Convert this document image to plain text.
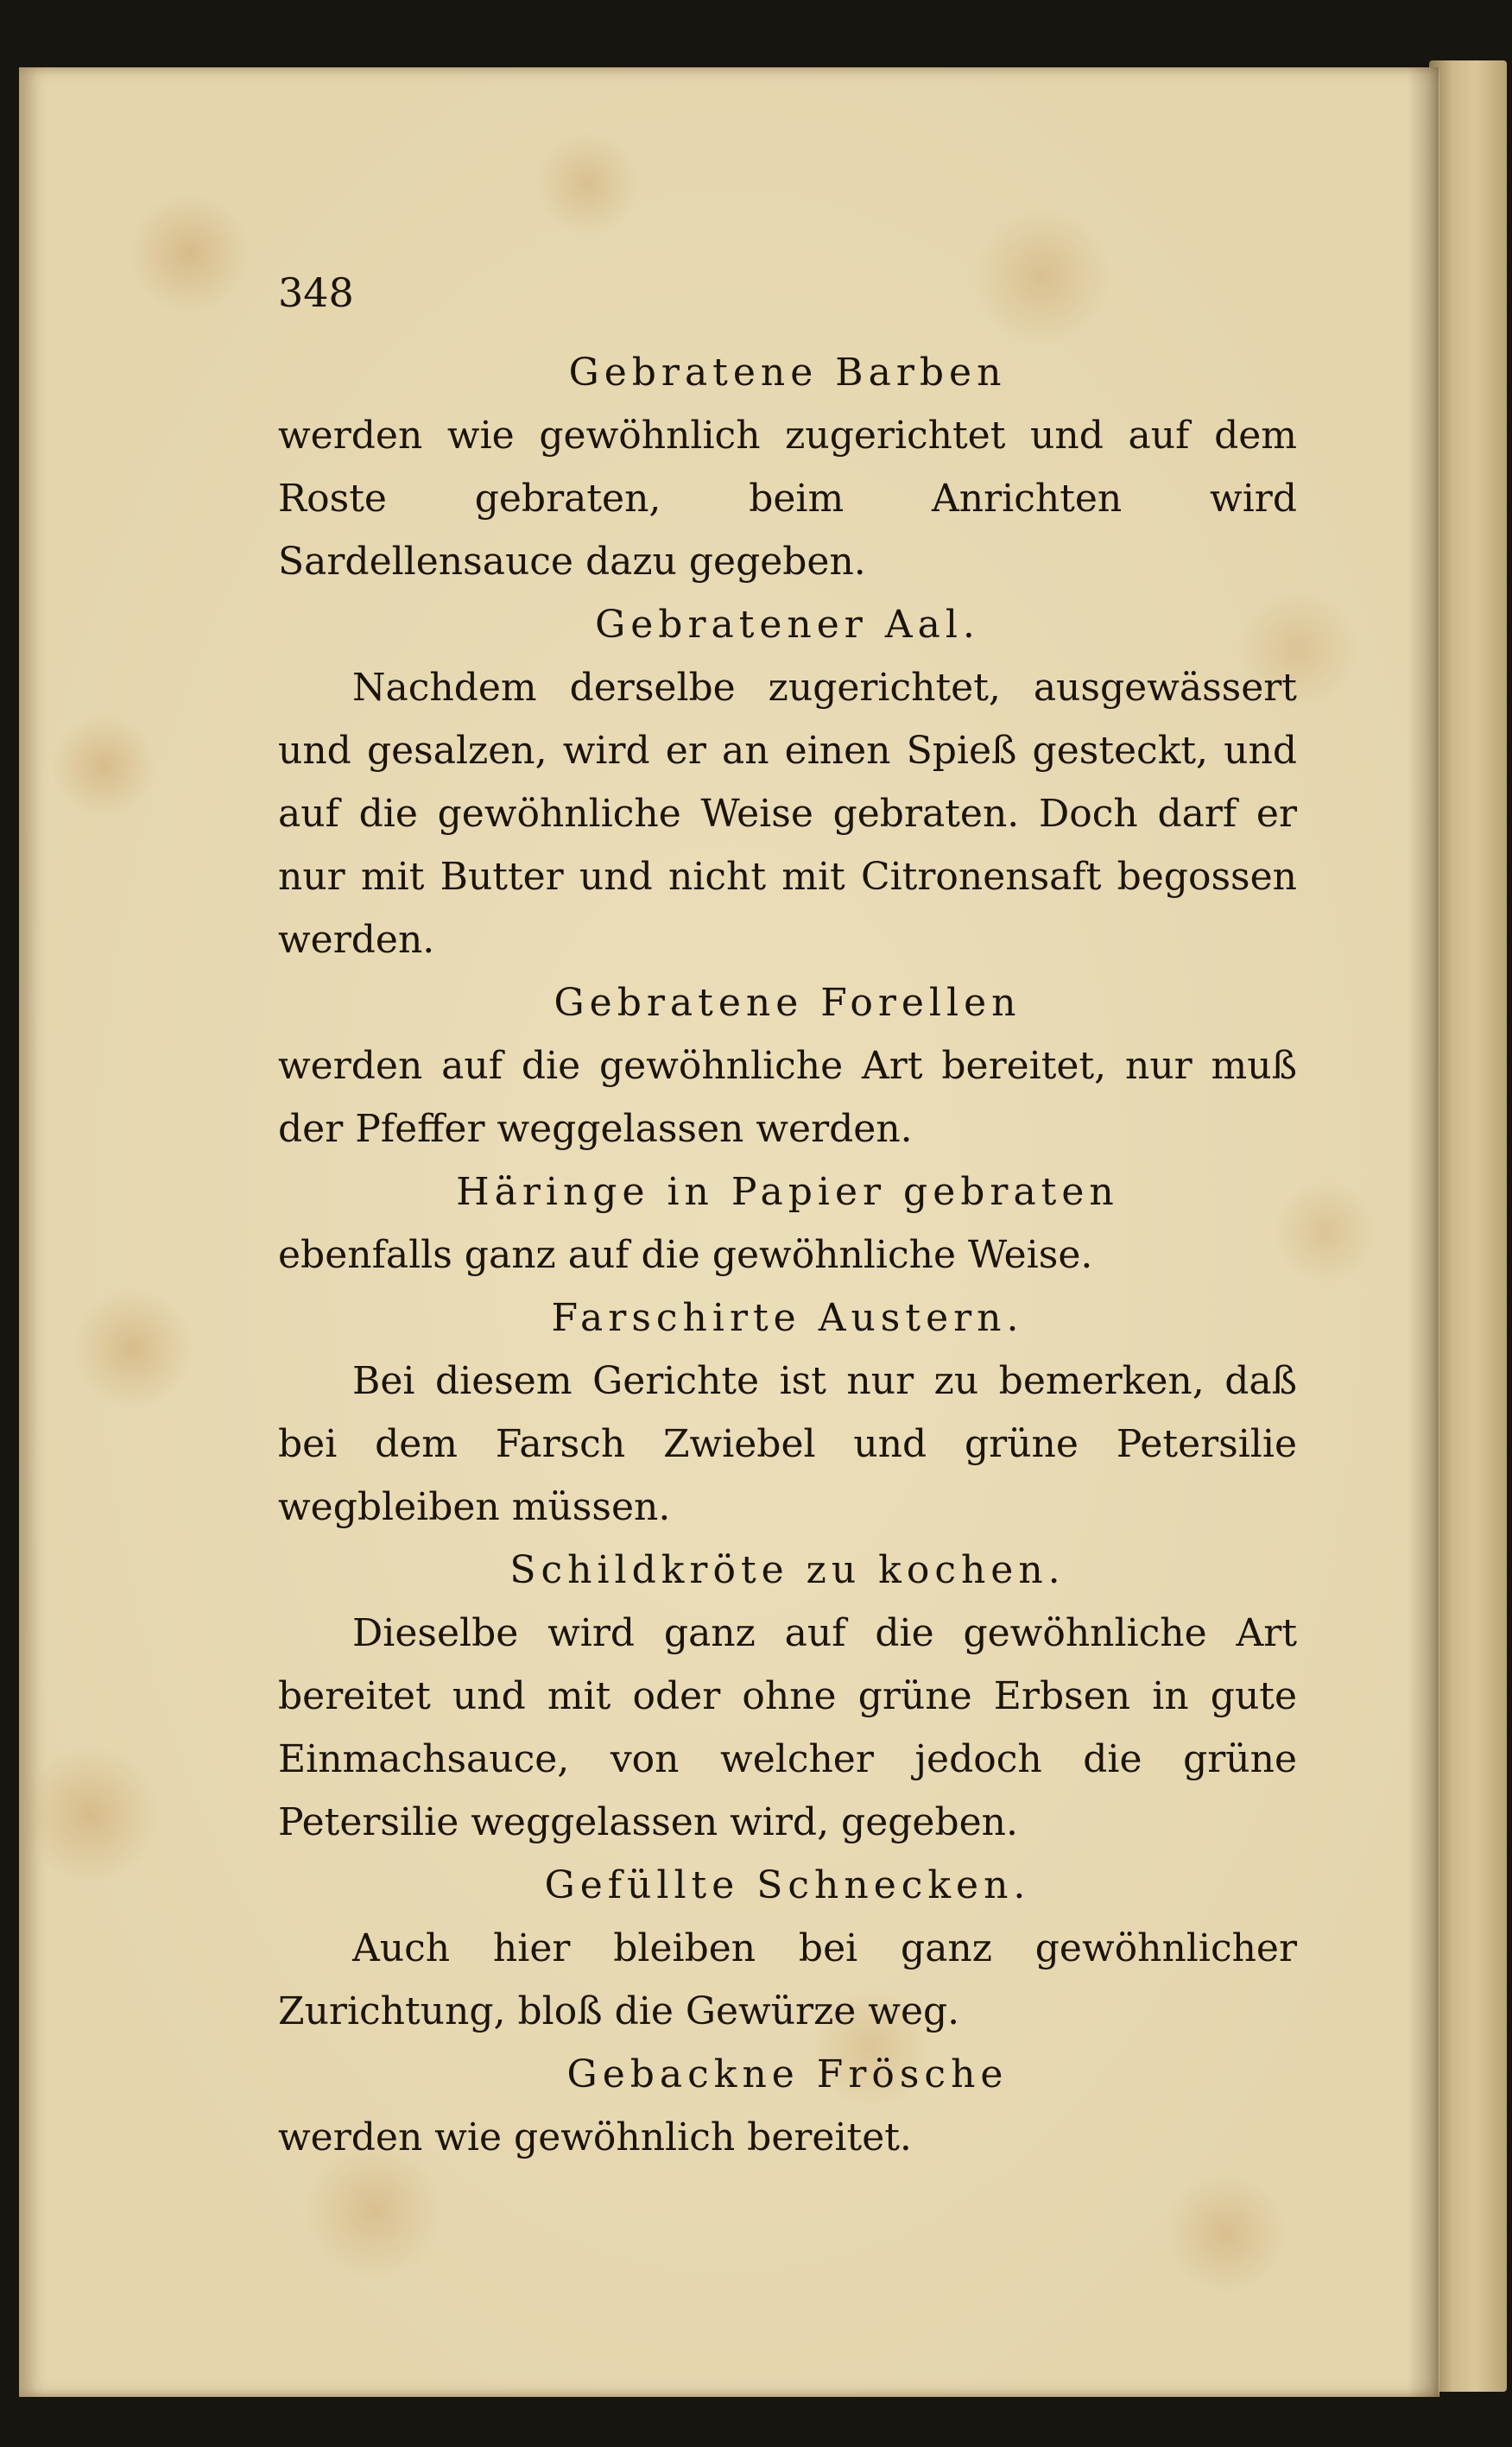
348
Gebratene Barben

werden wie gewöhnlich zugerichtet und auf dem Roste gebraten, beim Anrichten wird Sardellensauce dazu gegeben.

Gebratener Aal.

Nachdem derselbe zugerichtet, ausgewässert und gesalzen, wird er an einen Spieß gesteckt, und auf die gewöhnliche Weise gebraten. Doch darf er nur mit Butter und nicht mit Citronensaft begossen werden.

Gebratene Forellen

werden auf die gewöhnliche Art bereitet, nur muß der Pfeffer weggelassen werden.

Häringe in Papier gebraten

ebenfalls ganz auf die gewöhnliche Weise.

Farschirte Austern.

Bei diesem Gerichte ist nur zu bemerken, daß bei dem Farsch Zwiebel und grüne Petersilie wegbleiben müssen.

Schildkröte zu kochen.

Dieselbe wird ganz auf die gewöhnliche Art bereitet und mit oder ohne grüne Erbsen in gute Einmachsauce, von welcher jedoch die grüne Petersilie weggelassen wird, gegeben.

Gefüllte Schnecken.

Auch hier bleiben bei ganz gewöhnlicher Zurichtung, bloß die Gewürze weg.

Gebackne Frösche

werden wie gewöhnlich bereitet.
